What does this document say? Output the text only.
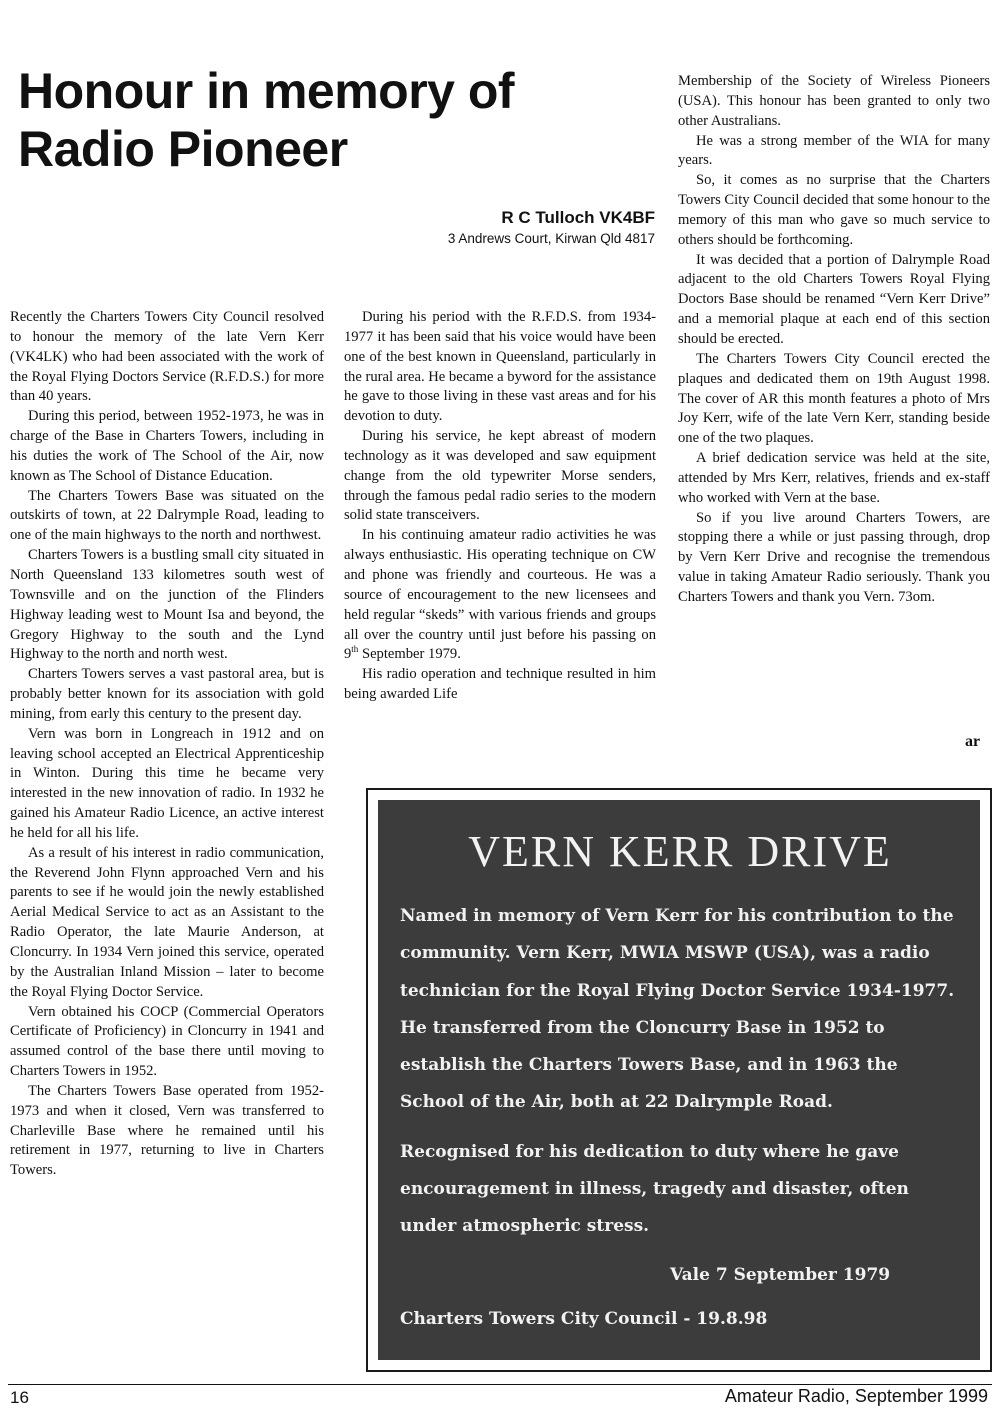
Honour in memory of Radio Pioneer
R C Tulloch VK4BF
3 Andrews Court, Kirwan Qld 4817

Recently the Charters Towers City Council resolved to honour the memory of the late Vern Kerr (VK4LK) who had been associated with the work of the Royal Flying Doctors Service (R.F.D.S.) for more than 40 years.

During this period, between 1952-1973, he was in charge of the Base in Charters Towers, including in his duties the work of The School of the Air, now known as The School of Distance Education.

The Charters Towers Base was situated on the outskirts of town, at 22 Dalrymple Road, leading to one of the main highways to the north and northwest.

Charters Towers is a bustling small city situated in North Queensland 133 kilometres south west of Townsville and on the junction of the Flinders Highway leading west to Mount Isa and beyond, the Gregory Highway to the south and the Lynd Highway to the north and north west.

Charters Towers serves a vast pastoral area, but is probably better known for its association with gold mining, from early this century to the present day.

Vern was born in Longreach in 1912 and on leaving school accepted an Electrical Apprenticeship in Winton. During this time he became very interested in the new innovation of radio. In 1932 he gained his Amateur Radio Licence, an active interest he held for all his life.

As a result of his interest in radio communication, the Reverend John Flynn approached Vern and his parents to see if he would join the newly established Aerial Medical Service to act as an Assistant to the Radio Operator, the late Maurie Anderson, at Cloncurry. In 1934 Vern joined this service, operated by the Australian Inland Mission – later to become the Royal Flying Doctor Service.

Vern obtained his COCP (Commercial Operators Certificate of Proficiency) in Cloncurry in 1941 and assumed control of the base there until moving to Charters Towers in 1952.

The Charters Towers Base operated from 1952-1973 and when it closed, Vern was transferred to Charleville Base where he remained until his retirement in 1977, returning to live in Charters Towers.

During his period with the R.F.D.S. from 1934-1977 it has been said that his voice would have been one of the best known in Queensland, particularly in the rural area. He became a byword for the assistance he gave to those living in these vast areas and for his devotion to duty.

During his service, he kept abreast of modern technology as it was developed and saw equipment change from the old typewriter Morse senders, through the famous pedal radio series to the modern solid state transceivers.

In his continuing amateur radio activities he was always enthusiastic. His operating technique on CW and phone was friendly and courteous. He was a source of encouragement to the new licensees and held regular “skeds” with various friends and groups all over the country until just before his passing on 9th September 1979.

His radio operation and technique resulted in him being awarded Life

Membership of the Society of Wireless Pioneers (USA). This honour has been granted to only two other Australians.

He was a strong member of the WIA for many years.

So, it comes as no surprise that the Charters Towers City Council decided that some honour to the memory of this man who gave so much service to others should be forthcoming.

It was decided that a portion of Dalrymple Road adjacent to the old Charters Towers Royal Flying Doctors Base should be renamed “Vern Kerr Drive” and a memorial plaque at each end of this section should be erected.

The Charters Towers City Council erected the plaques and dedicated them on 19th August 1998. The cover of AR this month features a photo of Mrs Joy Kerr, wife of the late Vern Kerr, standing beside one of the two plaques.

A brief dedication service was held at the site, attended by Mrs Kerr, relatives, friends and ex-staff who worked with Vern at the base.

So if you live around Charters Towers, are stopping there a while or just passing through, drop by Vern Kerr Drive and recognise the tremendous value in taking Amateur Radio seriously. Thank you Charters Towers and thank you Vern. 73om.

ar
VERN KERR DRIVE
Named in memory of Vern Kerr for his contribution to the community. Vern Kerr, MWIA MSWP (USA), was a radio technician for the Royal Flying Doctor Service 1934-1977. He transferred from the Cloncurry Base in 1952 to establish the Charters Towers Base, and in 1963 the School of the Air, both at 22 Dalrymple Road.
Recognised for his dedication to duty where he gave encouragement in illness, tragedy and disaster, often under atmospheric stress.
Vale 7 September 1979
Charters Towers City Council - 19.8.98
16	Amateur Radio, September 1999
